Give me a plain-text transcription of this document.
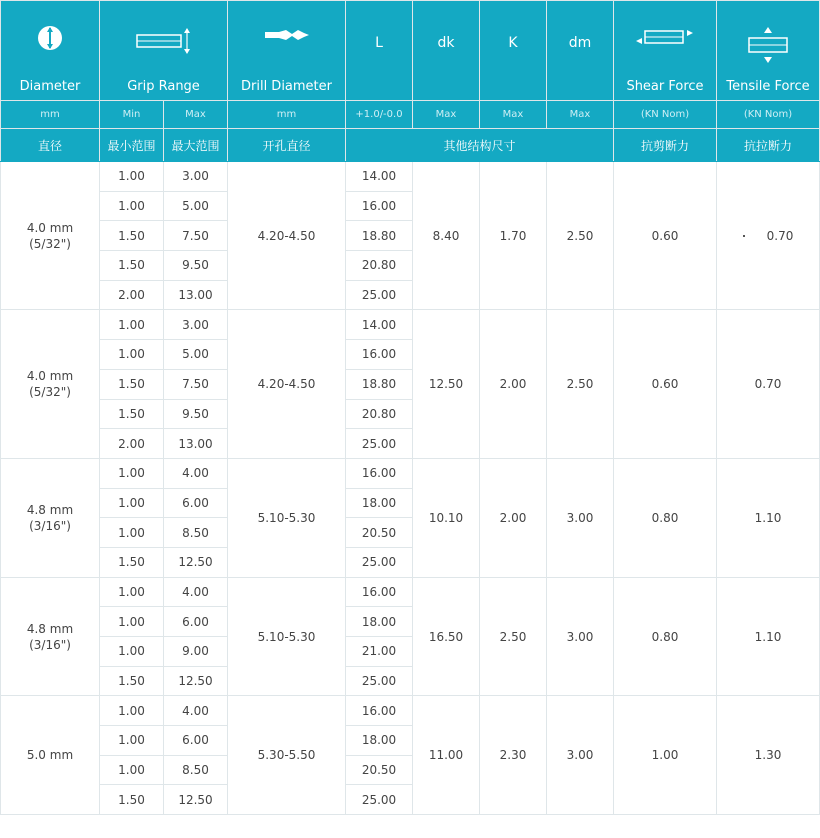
Diameter	Grip Range		Drill Diameter	L	dk	K	dm	Shear Force	Tensile Force

mm	Min	Max	mm	+1.0/-0.0	Max	Max	Max	(KN Nom)	(KN Nom)
直径	最小范围	最大范围	开孔直径	其他结构尺寸				抗剪断力	抗拉断力
4.0 mm
(5/32")	1.00	3.00	4.20-4.50	14.00	8.40	1.70	2.50	0.60	0.70
	1.00	5.00		16.00					
	1.50	7.50		18.80					
	1.50	9.50		20.80					
	2.00	13.00		25.00					
4.0 mm
(5/32")	1.00	3.00	4.20-4.50	14.00	12.50	2.00	2.50	0.60	0.70
	1.00	5.00		16.00					
	1.50	7.50		18.80					
	1.50	9.50		20.80					
	2.00	13.00		25.00					
4.8 mm
(3/16")	1.00	4.00	5.10-5.30	16.00	10.10	2.00	3.00	0.80	1.10
	1.00	6.00		18.00					
	1.00	8.50		20.50					
	1.50	12.50		25.00					
4.8 mm
(3/16")	1.00	4.00	5.10-5.30	16.00	16.50	2.50	3.00	0.80	1.10
	1.00	6.00		18.00					
	1.00	9.00		21.00					
	1.50	12.50		25.00					
5.0 mm	1.00	4.00	5.30-5.50	16.00	11.00	2.30	3.00	1.00	1.30
	1.00	6.00		18.00					
	1.00	8.50		20.50					
	1.50	12.50		25.00					
